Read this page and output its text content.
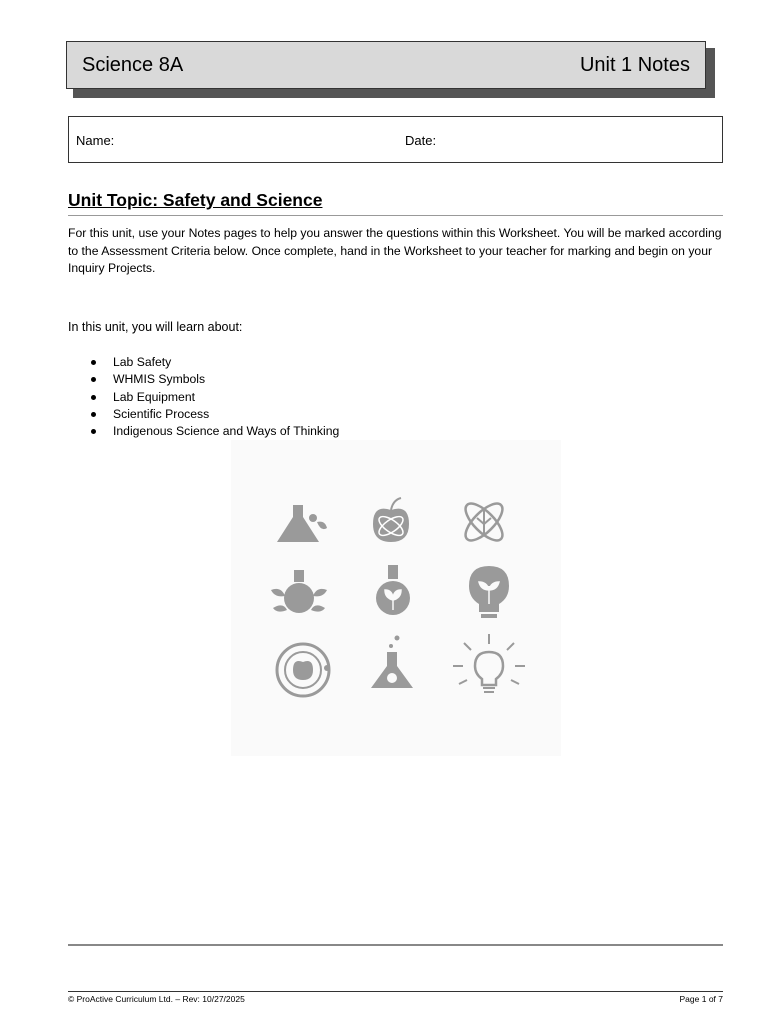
Science 8A	Unit 1 Notes
Name:	Date:
Unit Topic: Safety and Science
For this unit, use your Notes pages to help you answer the questions within this Worksheet. You will be marked according to the Assessment Criteria below. Once complete, hand in the Worksheet to your teacher for marking and begin on your Inquiry Projects.
In this unit, you will learn about:
Lab Safety
WHMIS Symbols
Lab Equipment
Scientific Process
Indigenous Science and Ways of Thinking
© ProActive Curriculum Ltd. – Rev: 10/27/2025	Page 1 of 7
